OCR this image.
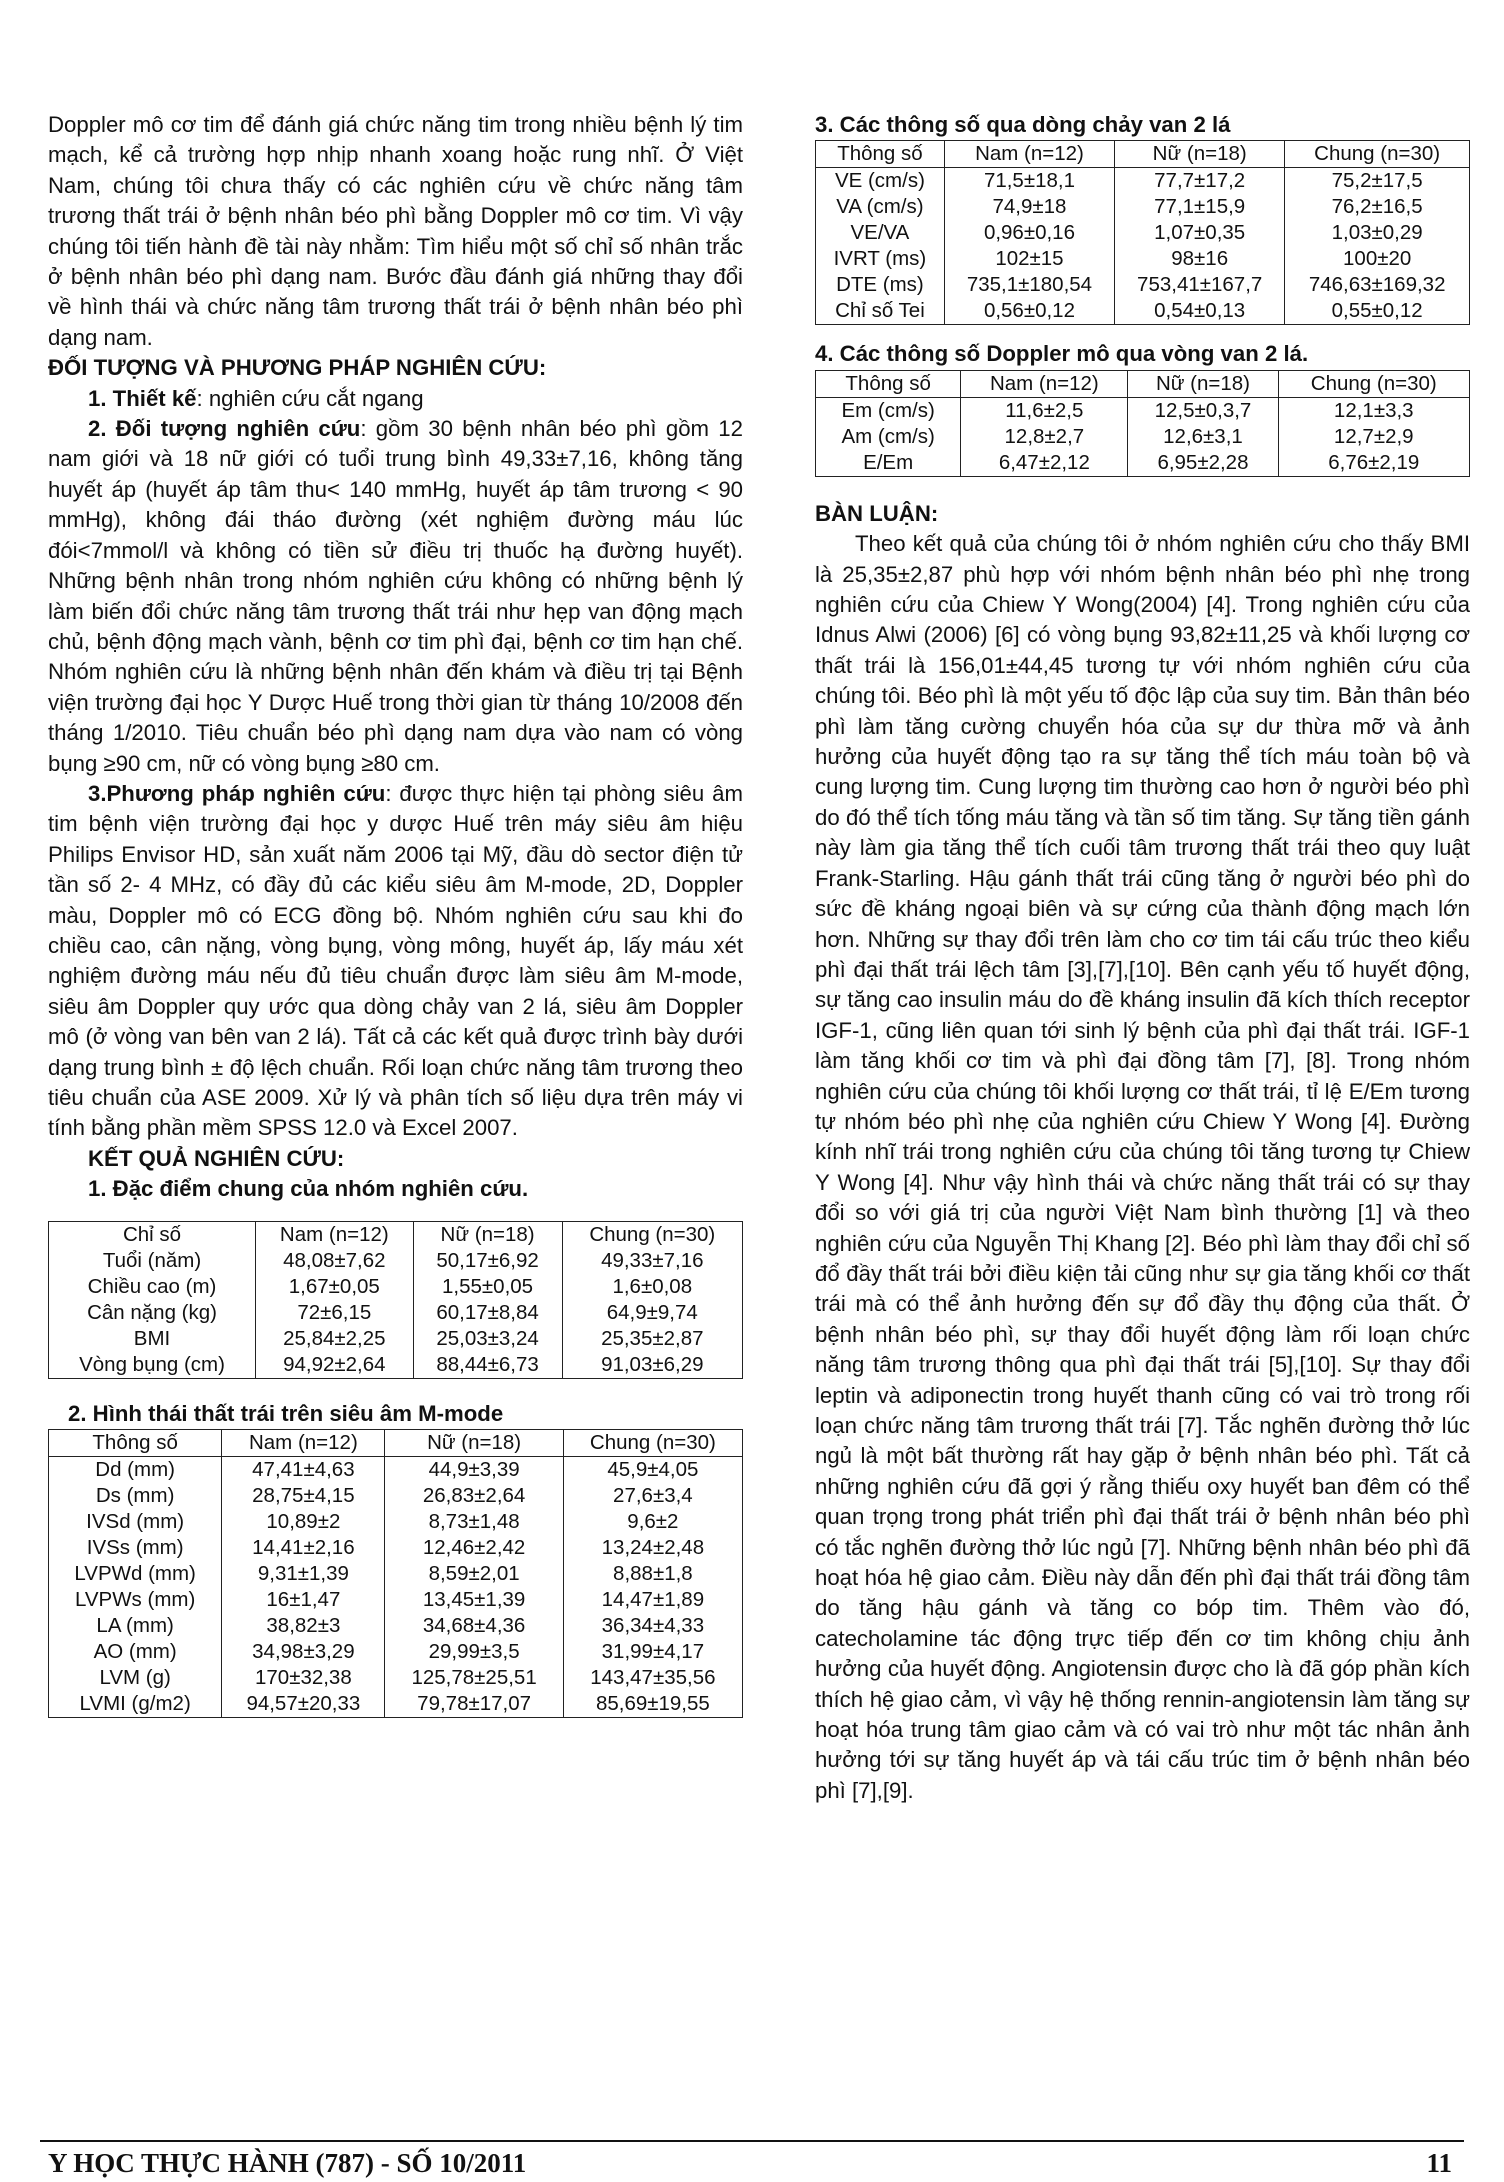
Doppler mô cơ tim để đánh giá chức năng tim trong nhiều bệnh lý tim mạch, kể cả trường hợp nhịp nhanh xoang hoặc rung nhĩ. Ở Việt Nam, chúng tôi chưa thấy có các nghiên cứu về chức năng tâm trương thất trái ở bệnh nhân béo phì bằng Doppler mô cơ tim. Vì vậy chúng tôi tiến hành đề tài này nhằm: Tìm hiểu một số chỉ số nhân trắc ở bệnh nhân béo phì dạng nam. Bước đầu đánh giá những thay đổi về hình thái và chức năng tâm trương thất trái ở bệnh nhân béo phì dạng nam.

ĐỐI TƯỢNG VÀ PHƯƠNG PHÁP NGHIÊN CỨU:

1. Thiết kế: nghiên cứu cắt ngang

2. Đối tượng nghiên cứu: gồm 30 bệnh nhân béo phì gồm 12 nam giới và 18 nữ giới có tuổi trung bình 49,33±7,16, không tăng huyết áp (huyết áp tâm thu< 140 mmHg, huyết áp tâm trương < 90 mmHg), không đái tháo đường (xét nghiệm đường máu lúc đói<7mmol/l và không có tiền sử điều trị thuốc hạ đường huyết). Những bệnh nhân trong nhóm nghiên cứu không có những bệnh lý làm biến đổi chức năng tâm trương thất trái như hẹp van động mạch chủ, bệnh động mạch vành, bệnh cơ tim phì đại, bệnh cơ tim hạn chế. Nhóm nghiên cứu là những bệnh nhân đến khám và điều trị tại Bệnh viện trường đại học Y Dược Huế trong thời gian từ tháng 10/2008 đến tháng 1/2010. Tiêu chuẩn béo phì dạng nam dựa vào nam có vòng bụng ≥90 cm, nữ có vòng bụng ≥80 cm.

3.Phương pháp nghiên cứu: được thực hiện tại phòng siêu âm tim bệnh viện trường đại học y dược Huế trên máy siêu âm hiệu Philips Envisor HD, sản xuất năm 2006 tại Mỹ, đầu dò sector điện tử tần số 2- 4 MHz, có đầy đủ các kiểu siêu âm M-mode, 2D, Doppler màu, Doppler mô có ECG đồng bộ. Nhóm nghiên cứu sau khi đo chiều cao, cân nặng, vòng bụng, vòng mông, huyết áp, lấy máu xét nghiệm đường máu nếu đủ tiêu chuẩn được làm siêu âm M-mode, siêu âm Doppler quy ước qua dòng chảy van 2 lá, siêu âm Doppler mô (ở vòng van bên van 2 lá). Tất cả các kết quả được trình bày dưới dạng trung bình ± độ lệch chuẩn. Rối loạn chức năng tâm trương theo tiêu chuẩn của ASE 2009. Xử lý và phân tích số liệu dựa trên máy vi tính bằng phần mềm SPSS 12.0 và Excel 2007.

KẾT QUẢ NGHIÊN CỨU:

1. Đặc điểm chung của nhóm nghiên cứu.

Chỉ số	Nam (n=12)	Nữ (n=18)	Chung (n=30)
Tuổi (năm)	48,08±7,62	50,17±6,92	49,33±7,16
Chiều cao (m)	1,67±0,05	1,55±0,05	1,6±0,08
Cân nặng (kg)	72±6,15	60,17±8,84	64,9±9,74
BMI	25,84±2,25	25,03±3,24	25,35±2,87
Vòng bụng (cm)	94,92±2,64	88,44±6,73	91,03±6,29

2. Hình thái thất trái trên siêu âm M-mode

Thông số	Nam (n=12)	Nữ (n=18)	Chung (n=30)
Dd (mm)	47,41±4,63	44,9±3,39	45,9±4,05
Ds (mm)	28,75±4,15	26,83±2,64	27,6±3,4
IVSd (mm)	10,89±2	8,73±1,48	9,6±2
IVSs (mm)	14,41±2,16	12,46±2,42	13,24±2,48
LVPWd (mm)	9,31±1,39	8,59±2,01	8,88±1,8
LVPWs (mm)	16±1,47	13,45±1,39	14,47±1,89
LA (mm)	38,82±3	34,68±4,36	36,34±4,33
AO (mm)	34,98±3,29	29,99±3,5	31,99±4,17
LVM (g)	170±32,38	125,78±25,51	143,47±35,56
LVMI (g/m2)	94,57±20,33	79,78±17,07	85,69±19,55

3. Các thông số qua dòng chảy van 2 lá

Thông số	Nam (n=12)	Nữ (n=18)	Chung (n=30)
VE (cm/s)	71,5±18,1	77,7±17,2	75,2±17,5
VA (cm/s)	74,9±18	77,1±15,9	76,2±16,5
VE/VA	0,96±0,16	1,07±0,35	1,03±0,29
IVRT (ms)	102±15	98±16	100±20
DTE (ms)	735,1±180,54	753,41±167,7	746,63±169,32
Chỉ số Tei	0,56±0,12	0,54±0,13	0,55±0,12

4. Các thông số Doppler mô qua vòng van 2 lá.

Thông số	Nam (n=12)	Nữ (n=18)	Chung (n=30)
Em (cm/s)	11,6±2,5	12,5±0,3,7	12,1±3,3
Am (cm/s)	12,8±2,7	12,6±3,1	12,7±2,9
E/Em	6,47±2,12	6,95±2,28	6,76±2,19

BÀN LUẬN:

Theo kết quả của chúng tôi ở nhóm nghiên cứu cho thấy BMI là 25,35±2,87 phù hợp với nhóm bệnh nhân béo phì nhẹ trong nghiên cứu của Chiew Y Wong(2004) [4]. Trong nghiên cứu của Idnus Alwi (2006) [6] có vòng bụng 93,82±11,25 và khối lượng cơ thất trái là 156,01±44,45 tương tự với nhóm nghiên cứu của chúng tôi. Béo phì là một yếu tố độc lập của suy tim. Bản thân béo phì làm tăng cường chuyển hóa của sự dư thừa mỡ và ảnh hưởng của huyết động tạo ra sự tăng thể tích máu toàn bộ và cung lượng tim. Cung lượng tim thường cao hơn ở người béo phì do đó thể tích tống máu tăng và tần số tim tăng. Sự tăng tiền gánh này làm gia tăng thể tích cuối tâm trương thất trái theo quy luật Frank-Starling. Hậu gánh thất trái cũng tăng ở người béo phì do sức đề kháng ngoại biên và sự cứng của thành động mạch lớn hơn. Những sự thay đổi trên làm cho cơ tim tái cấu trúc theo kiểu phì đại thất trái lệch tâm [3],[7],[10]. Bên cạnh yếu tố huyết động, sự tăng cao insulin máu do đề kháng insulin đã kích thích receptor IGF-1, cũng liên quan tới sinh lý bệnh của phì đại thất trái. IGF-1 làm tăng khối cơ tim và phì đại đồng tâm [7], [8]. Trong nhóm nghiên cứu của chúng tôi khối lượng cơ thất trái, tỉ lệ E/Em tương tự nhóm béo phì nhẹ của nghiên cứu Chiew Y Wong [4]. Đường kính nhĩ trái trong nghiên cứu của chúng tôi tăng tương tự Chiew Y Wong [4]. Như vậy hình thái và chức năng thất trái có sự thay đổi so với giá trị của người Việt Nam bình thường [1] và theo nghiên cứu của Nguyễn Thị Khang [2]. Béo phì làm thay đổi chỉ số đổ đầy thất trái bởi điều kiện tải cũng như sự gia tăng khối cơ thất trái mà có thể ảnh hưởng đến sự đổ đầy thụ động của thất. Ở bệnh nhân béo phì, sự thay đổi huyết động làm rối loạn chức năng tâm trương thông qua phì đại thất trái [5],[10]. Sự thay đổi leptin và adiponectin trong huyết thanh cũng có vai trò trong rối loạn chức năng tâm trương thất trái [7]. Tắc nghẽn đường thở lúc ngủ là một bất thường rất hay gặp ở bệnh nhân béo phì. Tất cả những nghiên cứu đã gợi ý rằng thiếu oxy huyết ban đêm có thể quan trọng trong phát triển phì đại thất trái ở bệnh nhân béo phì có tắc nghẽn đường thở lúc ngủ [7]. Những bệnh nhân béo phì đã hoạt hóa hệ giao cảm. Điều này dẫn đến phì đại thất trái đồng tâm do tăng hậu gánh và tăng co bóp tim. Thêm vào đó, catecholamine tác động trực tiếp đến cơ tim không chịu ảnh hưởng của huyết động. Angiotensin được cho là đã góp phần kích thích hệ giao cảm, vì vậy hệ thống rennin-angiotensin làm tăng sự hoạt hóa trung tâm giao cảm và có vai trò như một tác nhân ảnh hưởng tới sự tăng huyết áp và tái cấu trúc tim ở bệnh nhân béo phì [7],[9].

Y HỌC THỰC HÀNH (787) - SỐ 10/2011	11
